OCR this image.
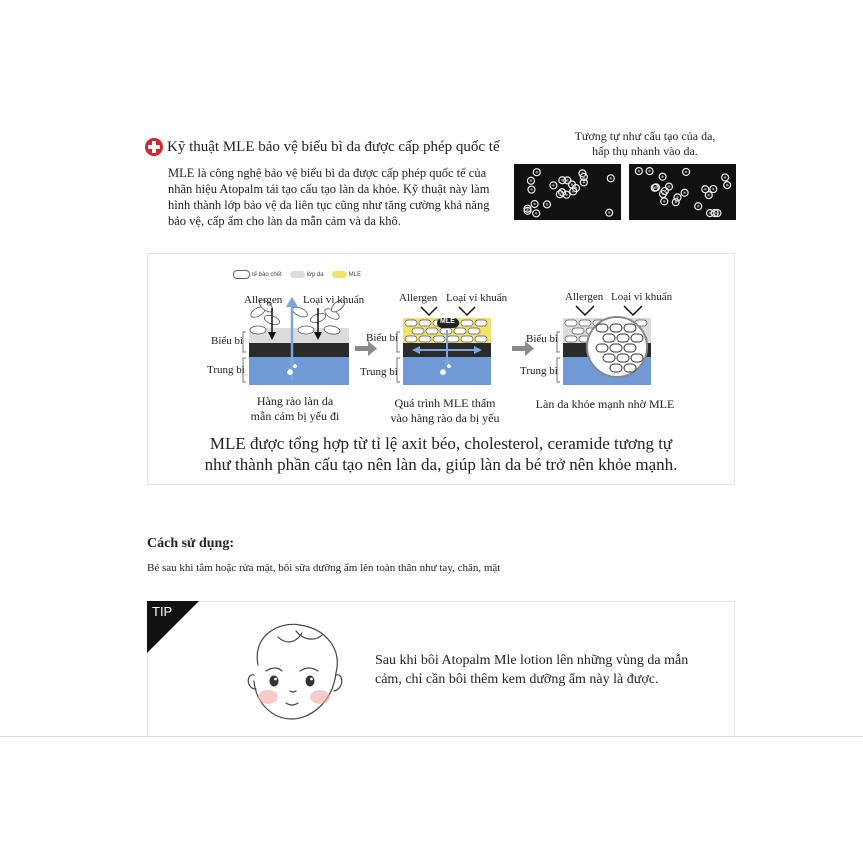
Kỹ thuật MLE bảo vệ biểu bì da được cấp phép quốc tế
MLE là công nghệ bảo vệ biểu bì da được cấp phép quốc tế của
nhãn hiệu Atopalm tái tạo cấu tạo làn da khỏe. Kỹ thuật này làm
hình thành lớp bảo vệ da liên tục cũng như tăng cường khả năng
bảo vệ, cấp ẩm cho làn da mẫn cảm và da khô.
Tương tự như cấu tạo của da,
hấp thụ nhanh vào da.
tế bào chết	lớp da	MLE
Allergen Loại vi khuẩn
Biểu bì
Trung bì
Allergen Loại vi khuẩn
Biểu bì
Trung bì
MLE
Allergen Loại vi khuẩn
Biểu bì
Trung bì
Hàng rào làn da
mẫn cảm bị yếu đi
Quá trình MLE thấm
vào hàng rào da bị yếu
Làn da khỏe mạnh nhờ MLE
MLE được tổng hợp từ tỉ lệ axit béo, cholesterol, ceramide tương tự
như thành phần cấu tạo nên làn da, giúp làn da bé trở nên khỏe mạnh.
Cách sử dụng:
Bé sau khi tắm hoặc rửa mặt, bôi sữa dưỡng ẩm lên toàn thân như tay, chân, mặt
TIP
Sau khi bôi Atopalm Mle lotion lên những vùng da mẫn
cảm, chỉ cần bôi thêm kem dưỡng ẩm này là được.
